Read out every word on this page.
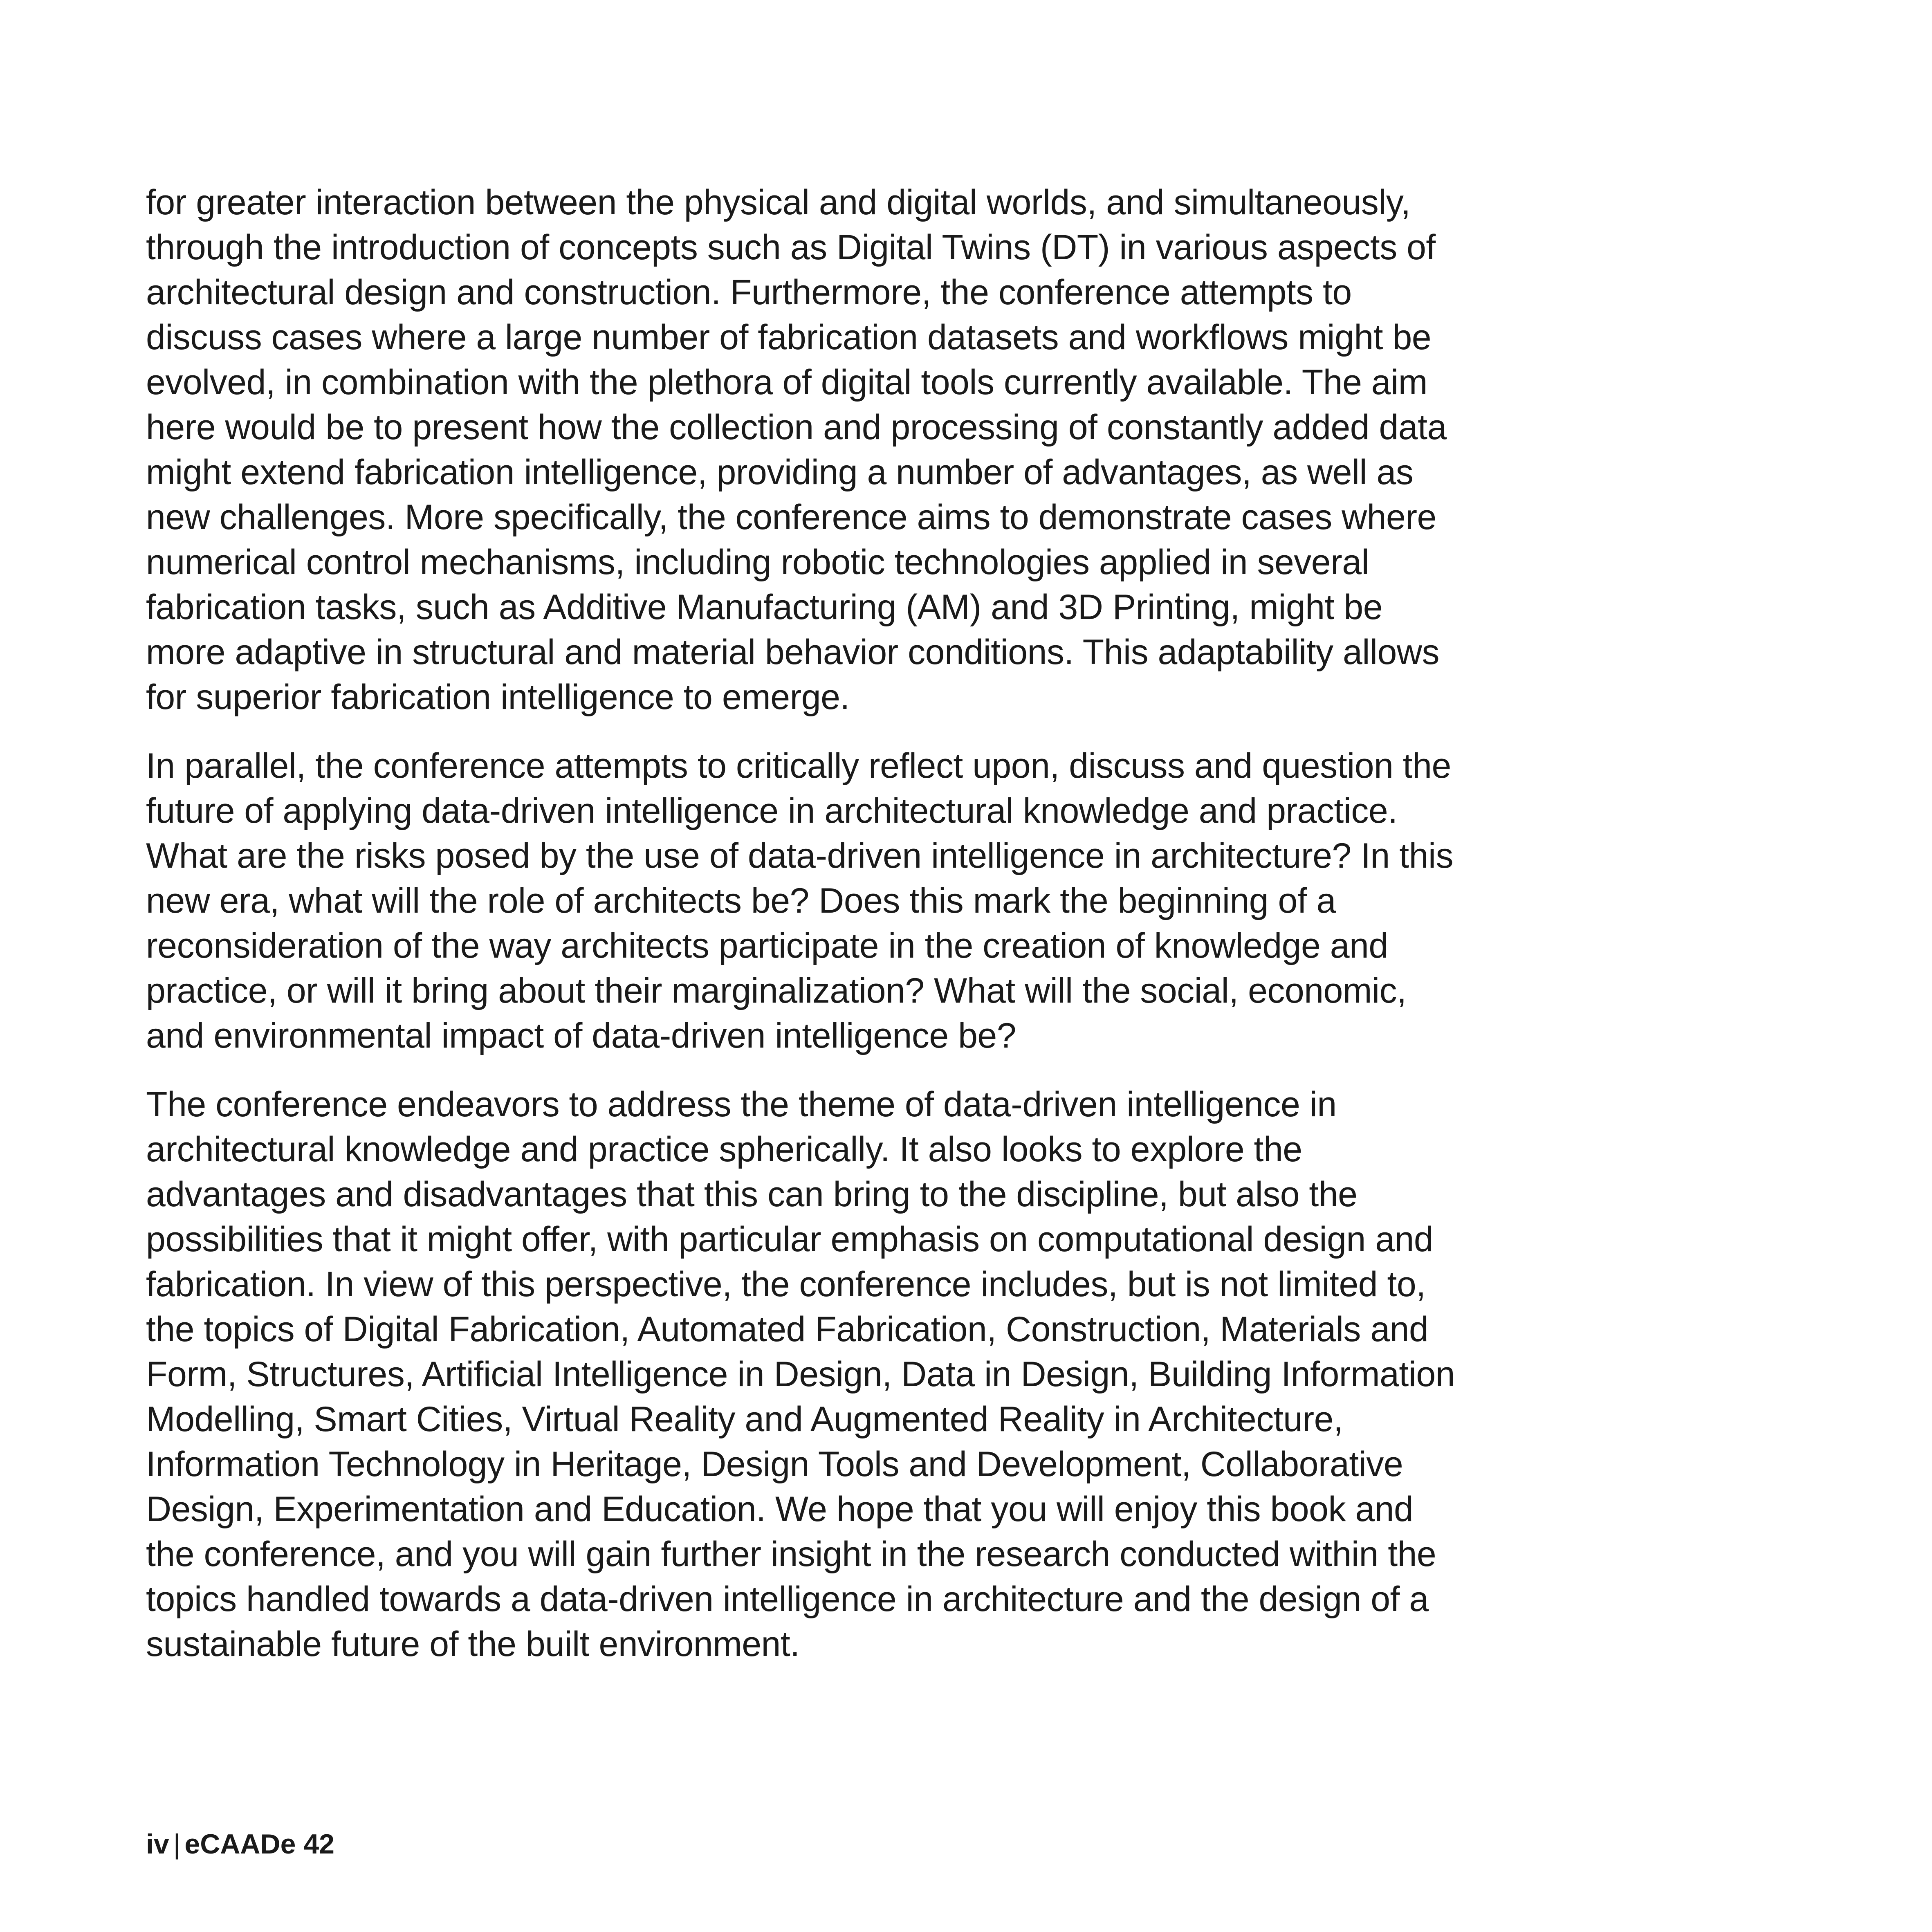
for greater interaction between the physical and digital worlds, and simultaneously, through the introduction of concepts such as Digital Twins (DT) in various aspects of architectural design and construction. Furthermore, the conference attempts to discuss cases where a large number of fabrication datasets and workflows might be evolved, in combination with the plethora of digital tools currently available. The aim here would be to present how the collection and processing of constantly added data might extend fabrication intelligence, providing a number of advantages, as well as new challenges. More specifically, the conference aims to demonstrate cases where numerical control mechanisms, including robotic technologies applied in several fabrication tasks, such as Additive Manufacturing (AM) and 3D Printing, might be more adaptive in structural and material behavior conditions. This adaptability allows for superior fabrication intelligence to emerge.

In parallel, the conference attempts to critically reflect upon, discuss and question the future of applying data-driven intelligence in architectural knowledge and practice. What are the risks posed by the use of data-driven intelligence in architecture? In this new era, what will the role of architects be? Does this mark the beginning of a reconsideration of the way architects participate in the creation of knowledge and practice, or will it bring about their marginalization? What will the social, economic, and environmental impact of data-driven intelligence be?

The conference endeavors to address the theme of data-driven intelligence in architectural knowledge and practice spherically. It also looks to explore the advantages and disadvantages that this can bring to the discipline, but also the possibilities that it might offer, with particular emphasis on computational design and fabrication. In view of this perspective, the conference includes, but is not limited to, the topics of Digital Fabrication, Automated Fabrication, Construction, Materials and Form, Structures, Artificial Intelligence in Design, Data in Design, Building Information Modelling, Smart Cities, Virtual Reality and Augmented Reality in Architecture, Information Technology in Heritage, Design Tools and Development, Collaborative Design, Experimentation and Education. We hope that you will enjoy this book and the conference, and you will gain further insight in the research conducted within the topics handled towards a data-driven intelligence in architecture and the design of a sustainable future of the built environment.

iv | eCAADe 42
